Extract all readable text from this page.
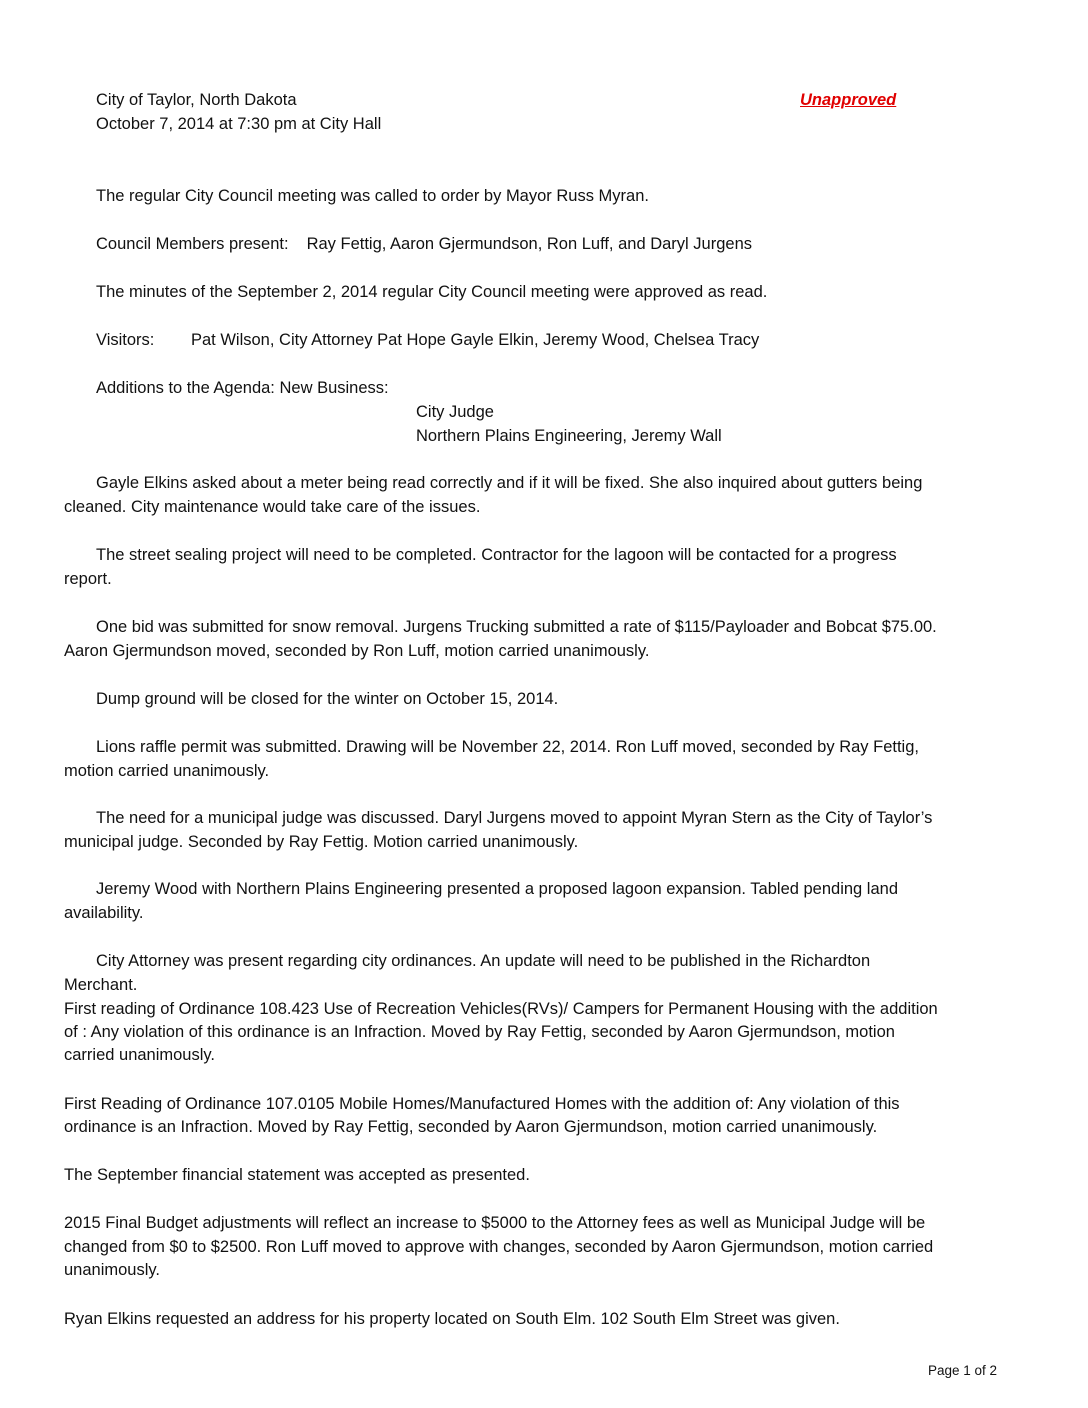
City of Taylor, North Dakota	Unapproved
October 7, 2014 at 7:30 pm at City Hall
The regular City Council meeting was called to order by Mayor Russ Myran.
Council Members present: Ray Fettig, Aaron Gjermundson, Ron Luff, and Daryl Jurgens
The minutes of the September 2, 2014 regular City Council meeting were approved as read.
Visitors: Pat Wilson, City Attorney Pat Hope Gayle Elkin, Jeremy Wood, Chelsea Tracy
Additions to the Agenda: New Business:
City Judge
Northern Plains Engineering, Jeremy Wall
Gayle Elkins asked about a meter being read correctly and if it will be fixed. She also inquired about gutters being
cleaned. City maintenance would take care of the issues.
The street sealing project will need to be completed. Contractor for the lagoon will be contacted for a progress
report.
One bid was submitted for snow removal. Jurgens Trucking submitted a rate of $115/Payloader and Bobcat $75.00.
Aaron Gjermundson moved, seconded by Ron Luff, motion carried unanimously.
Dump ground will be closed for the winter on October 15, 2014.
Lions raffle permit was submitted. Drawing will be November 22, 2014. Ron Luff moved, seconded by Ray Fettig,
motion carried unanimously.
The need for a municipal judge was discussed. Daryl Jurgens moved to appoint Myran Stern as the City of Taylor’s
municipal judge. Seconded by Ray Fettig. Motion carried unanimously.
Jeremy Wood with Northern Plains Engineering presented a proposed lagoon expansion. Tabled pending land
availability.
City Attorney was present regarding city ordinances. An update will need to be published in the Richardton
Merchant.
First reading of Ordinance 108.423 Use of Recreation Vehicles(RVs)/ Campers for Permanent Housing with the addition
of : Any violation of this ordinance is an Infraction. Moved by Ray Fettig, seconded by Aaron Gjermundson, motion
carried unanimously.
First Reading of Ordinance 107.0105 Mobile Homes/Manufactured Homes with the addition of: Any violation of this
ordinance is an Infraction. Moved by Ray Fettig, seconded by Aaron Gjermundson, motion carried unanimously.
The September financial statement was accepted as presented.
2015 Final Budget adjustments will reflect an increase to $5000 to the Attorney fees as well as Municipal Judge will be
changed from $0 to $2500. Ron Luff moved to approve with changes, seconded by Aaron Gjermundson, motion carried
unanimously.
Ryan Elkins requested an address for his property located on South Elm. 102 South Elm Street was given.
Page 1 of 2
